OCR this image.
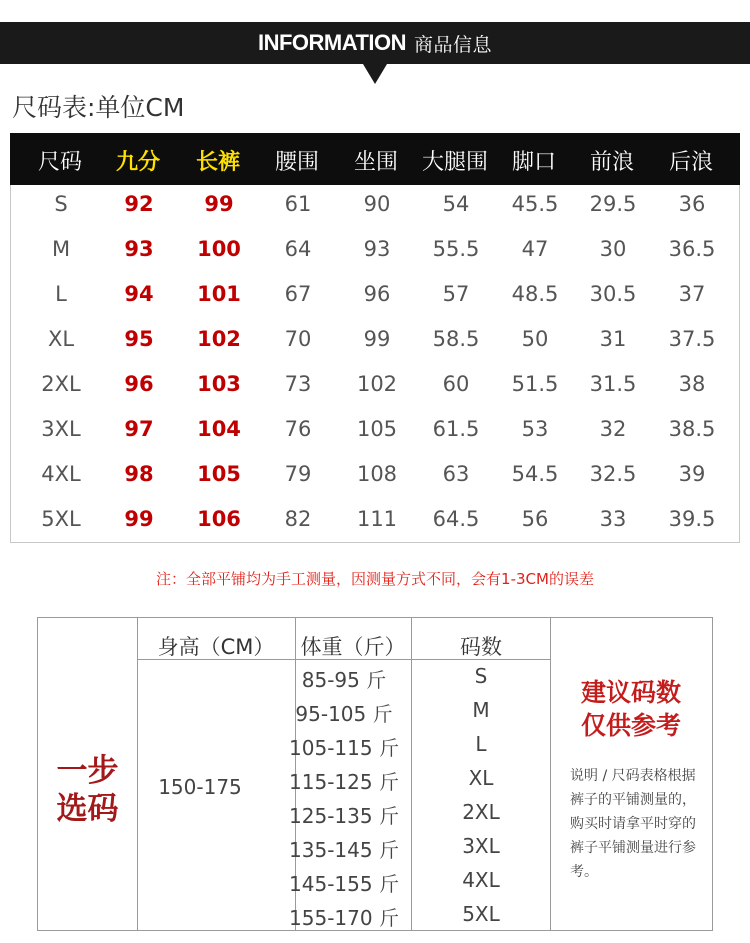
INFORMATION 商品信息
尺码表:单位CM
尺码	九分	长裤	腰围	坐围	大腿围	脚口	前浪	后浪
S	92	99	61	90	54	45.5	29.5	36
M	93	100	64	93	55.5	47	30	36.5
L	94	101	67	96	57	48.5	30.5	37
XL	95	102	70	99	58.5	50	31	37.5
2XL	96	103	73	102	60	51.5	31.5	38
3XL	97	104	76	105	61.5	53	32	38.5
4XL	98	105	79	108	63	54.5	32.5	39
5XL	99	106	82	111	64.5	56	33	39.5
注：全部平铺均为手工测量，因测量方式不同，会有1-3CM的误差
一步
选码
身高（CM） 体重（斤）	码数
150-175
85-95 斤	S
95-105 斤	M
105-115 斤	L
115-125 斤	XL
125-135 斤	2XL
135-145 斤	3XL
145-155 斤	4XL
155-170 斤	5XL
建议码数
仅供参考
说明 / 尺码表格根据裤子的平铺测量的，购买时请拿平时穿的裤子平铺测量进行参考。
